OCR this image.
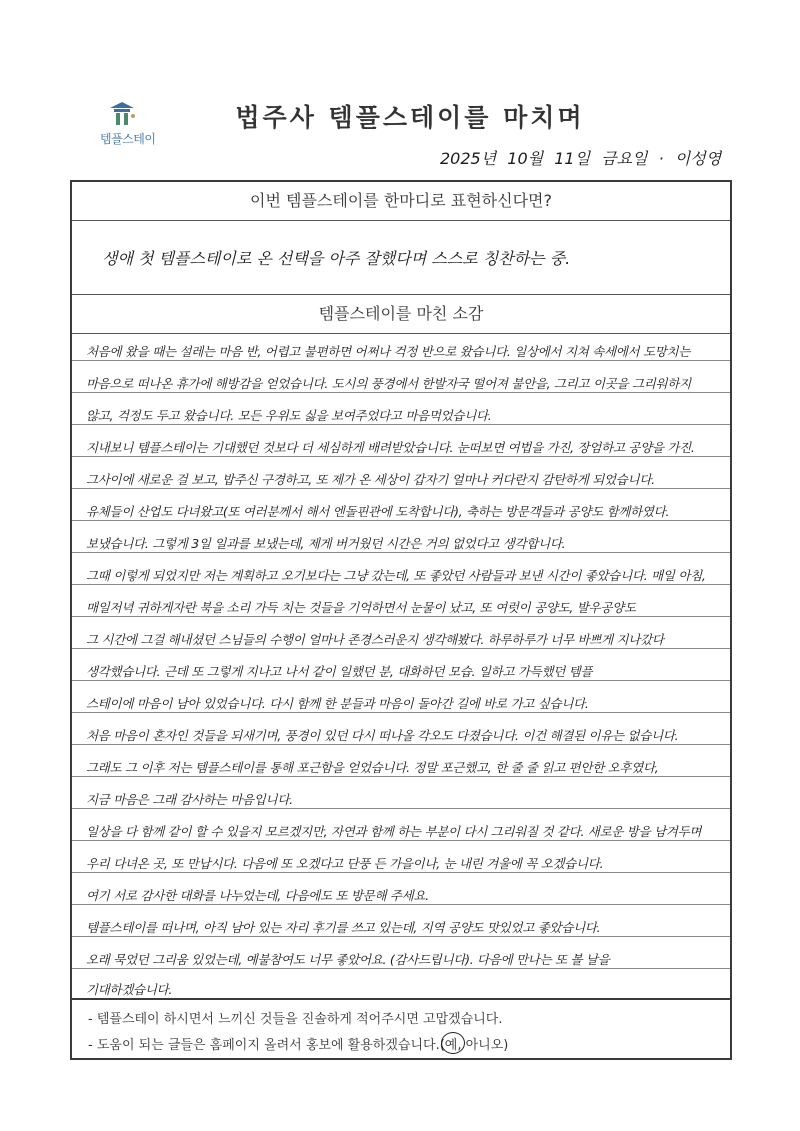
템플스테이
법주사 템플스테이를 마치며
2025년 10월 11일 금요일 · 이성영
이번 템플스테이를 한마디로 표현하신다면?
생애 첫 템플스테이로 온 선택을 아주 잘했다며 스스로 칭찬하는 중.
템플스테이를 마친 소감
처음에 왔을 때는 설레는 마음 반, 어렵고 불편하면 어쩌나 걱정 반으로 왔습니다. 일상에서 지쳐 속세에서 도망치는
마음으로 떠나온 휴가에 해방감을 얻었습니다. 도시의 풍경에서 한발자국 떨어져 불안을, 그리고 이곳을 그리워하지
않고, 걱정도 두고 왔습니다. 모든 우위도 싫을 보여주었다고 마음먹었습니다.
지내보니 템플스테이는 기대했던 것보다 더 세심하게 배려받았습니다. 눈떠보면 여법을 가진, 장엄하고 공양을 가진.
그사이에 새로운 걸 보고, 밥주신 구경하고, 또 제가 온 세상이 갑자기 얼마나 커다란지 감탄하게 되었습니다.
유체들이 산업도 다녀왔고(또 여러분께서 해서 엔돌핀관에 도착합니다), 축하는 방문객들과 공양도 함께하였다.
보냈습니다. 그렇게 3일 일과를 보냈는데, 제게 버거웠던 시간은 거의 없었다고 생각합니다.
그때 이렇게 되었지만 저는 계획하고 오기보다는 그냥 갔는데, 또 좋았던 사람들과 보낸 시간이 좋았습니다. 매일 아침,
매일저녁 귀하게자란 북을 소리 가득 치는 것들을 기억하면서 눈물이 났고, 또 여럿이 공양도, 발우공양도
그 시간에 그걸 해내셨던 스님들의 수행이 얼마나 존경스러운지 생각해봤다. 하루하루가 너무 바쁘게 지나갔다
생각했습니다. 근데 또 그렇게 지나고 나서 같이 일했던 분, 대화하던 모습. 일하고 가득했던 템플
스테이에 마음이 남아 있었습니다. 다시 함께 한 분들과 마음이 돌아간 길에 바로 가고 싶습니다.
처음 마음이 혼자인 것들을 되새기며, 풍경이 있던 다시 떠나올 각오도 다졌습니다. 이건 해결된 이유는 없습니다.
그래도 그 이후 저는 템플스테이를 통해 포근함을 얻었습니다. 정말 포근했고, 한 줄 줄 읽고 편안한 오후였다,
지금 마음은 그래 감사하는 마음입니다.
일상을 다 함께 같이 할 수 있을지 모르겠지만, 자연과 함께 하는 부분이 다시 그리워질 것 같다. 새로운 방을 남겨두며
우리 다녀온 곳, 또 만납시다. 다음에 또 오겠다고 단풍 든 가을이나, 눈 내린 겨울에 꼭 오겠습니다.
여기 서로 감사한 대화를 나누었는데, 다음에도 또 방문해 주세요.
템플스테이를 떠나며, 아직 남아 있는 자리 후기를 쓰고 있는데, 지역 공양도 맛있었고 좋았습니다.
오래 묵었던 그리움 있었는데, 예불참여도 너무 좋았어요. (감사드립니다). 다음에 만나는 또 볼 날을
기대하겠습니다.
- 템플스테이 하시면서 느끼신 것들을 진솔하게 적어주시면 고맙겠습니다.
- 도움이 되는 글들은 홈페이지 올려서 홍보에 활용하겠습니다.(예, 아니오)
